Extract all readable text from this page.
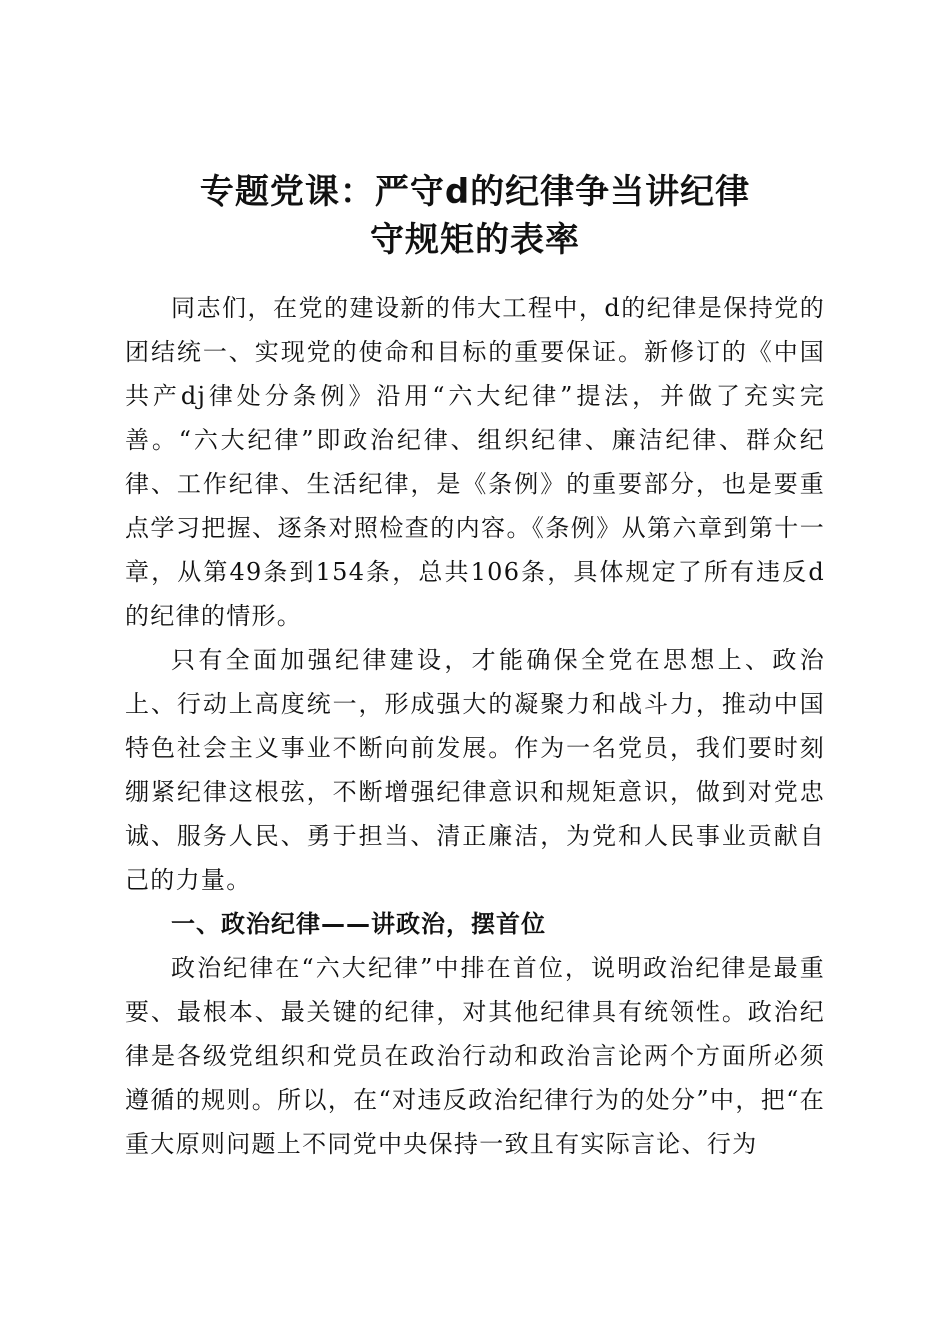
专题党课：严守d的纪律争当讲纪律
守规矩的表率

同志们，在党的建设新的伟大工程中，d的纪律是保持党的团结统一、实现党的使命和目标的重要保证。新修订的《中国共产dj律处分条例》沿用“六大纪律”提法，并做了充实完善。“六大纪律”即政治纪律、组织纪律、廉洁纪律、群众纪律、工作纪律、生活纪律，是《条例》的重要部分，也是要重点学习把握、逐条对照检查的内容。《条例》从第六章到第十一章，从第49条到154条，总共106条，具体规定了所有违反d的纪律的情形。

只有全面加强纪律建设，才能确保全党在思想上、政治上、行动上高度统一，形成强大的凝聚力和战斗力，推动中国特色社会主义事业不断向前发展。作为一名党员，我们要时刻绷紧纪律这根弦，不断增强纪律意识和规矩意识，做到对党忠诚、服务人民、勇于担当、清正廉洁，为党和人民事业贡献自己的力量。

一、政治纪律——讲政治，摆首位

政治纪律在“六大纪律”中排在首位，说明政治纪律是最重要、最根本、最关键的纪律，对其他纪律具有统领性。政治纪律是各级党组织和党员在政治行动和政治言论两个方面所必须遵循的规则。所以，在“对违反政治纪律行为的处分”中，把“在重大原则问题上不同党中央保持一致且有实际言论、行为
